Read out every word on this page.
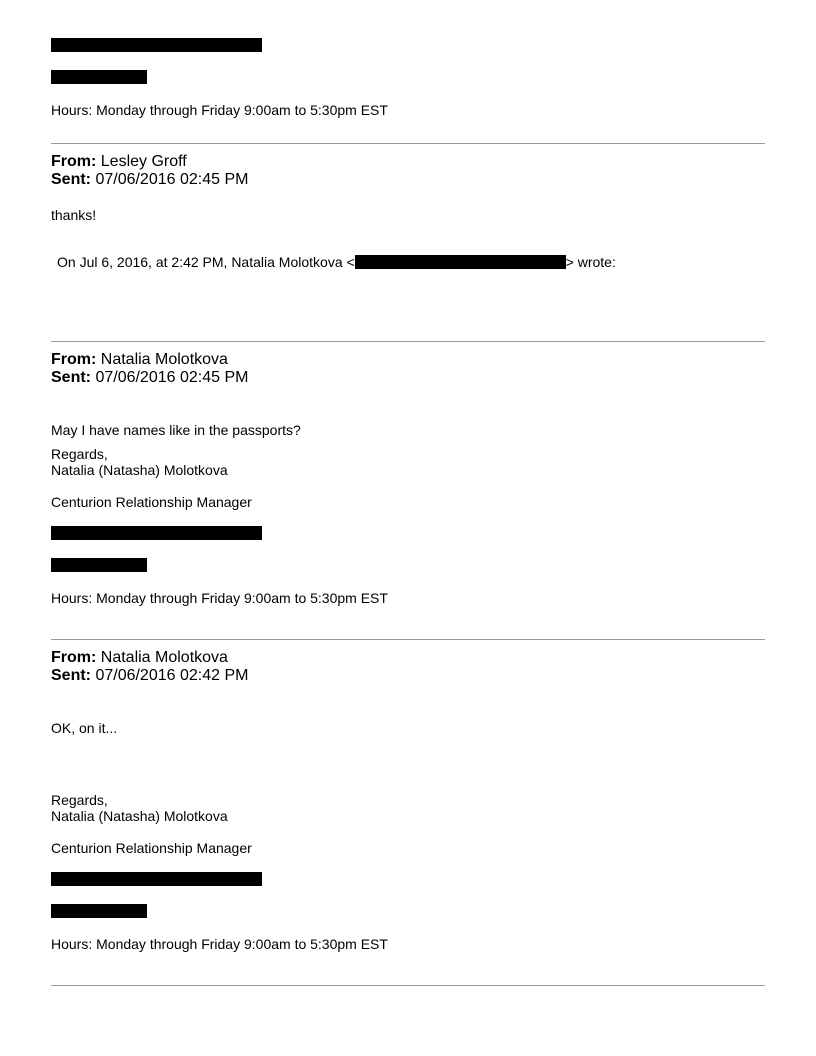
Hours: Monday through Friday 9:00am to 5:30pm EST
From: Lesley Groff
Sent: 07/06/2016 02:45 PM
thanks!
On Jul 6, 2016, at 2:42 PM, Natalia Molotkova <	> wrote:
From: Natalia Molotkova
Sent: 07/06/2016 02:45 PM
May I have names like in the passports?
Regards,
Natalia (Natasha) Molotkova
Centurion Relationship Manager
Hours: Monday through Friday 9:00am to 5:30pm EST
From: Natalia Molotkova
Sent: 07/06/2016 02:42 PM
OK, on it...
Regards,
Natalia (Natasha) Molotkova
Centurion Relationship Manager
Hours: Monday through Friday 9:00am to 5:30pm EST
